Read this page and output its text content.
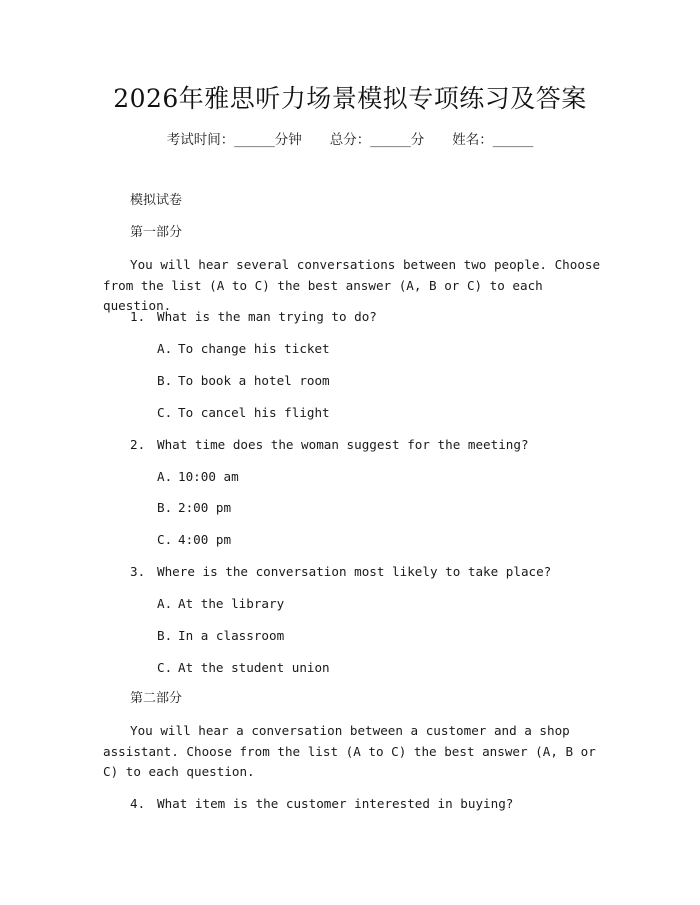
2026年雅思听力场景模拟专项练习及答案
考试时间：______分钟 总分：______分 姓名：______
模拟试卷
第一部分
You will hear several conversations between two people. Choose from the list (A to C) the best answer (A, B or C) to each question.
1. What is the man trying to do?
A. To change his ticket
B. To book a hotel room
C. To cancel his flight
2. What time does the woman suggest for the meeting?
A. 10:00 am
B. 2:00 pm
C. 4:00 pm
3. Where is the conversation most likely to take place?
A. At the library
B. In a classroom
C. At the student union
第二部分
You will hear a conversation between a customer and a shop assistant. Choose from the list (A to C) the best answer (A, B or C) to each question.
4. What item is the customer interested in buying?
